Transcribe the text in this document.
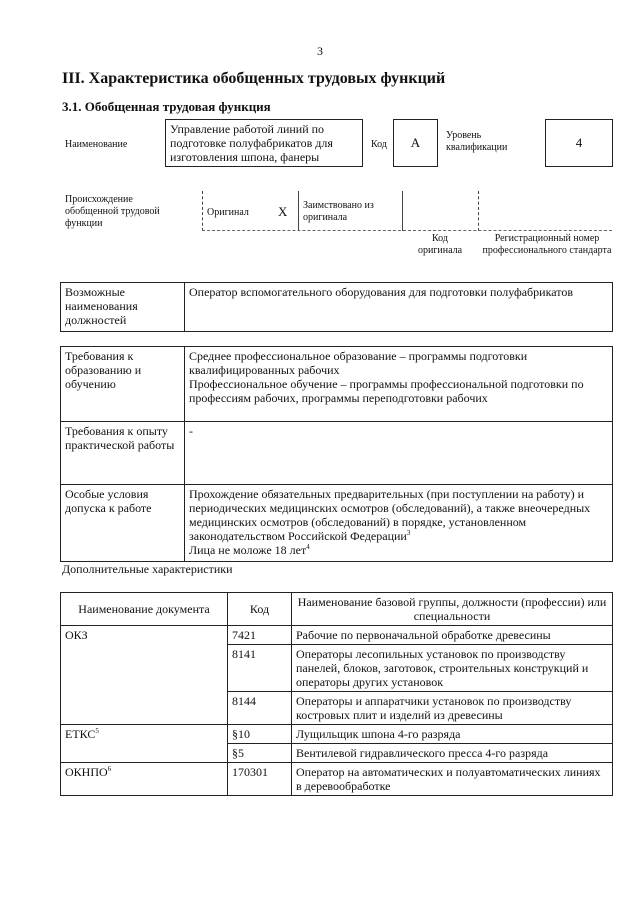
3
III. Характеристика обобщенных трудовых функций
3.1. Обобщенная трудовая функция
Наименование
Управление работой линий по подготовке полуфабрикатов для изготовления шпона, фанеры
Код А	Уровень квалификации	4
Происхождение обобщенной трудовой функции
Оригинал X Заимствовано из оригинала
Код оригинала
Регистрационный номер профессионального стандарта
Возможные наименования должностей	Оператор вспомогательного оборудования для подготовки полуфабрикатов
Требования к образованию и обучению	Среднее профессиональное образование – программы подготовки квалифицированных рабочих
Профессиональное обучение – программы профессиональной подготовки по профессиям рабочих, программы переподготовки рабочих

Требования к опыту практической работы	-
Особые условия допуска к работе	Прохождение обязательных предварительных (при поступлении на работу) и периодических медицинских осмотров (обследований), а также внеочередных медицинских осмотров (обследований) в порядке, установленном законодательством Российской Федерации$^3$
Лица не моложе 18 лет$^4$
Дополнительные характеристики
Наименование документа	Код	Наименование базовой группы, должности (профессии) или специальности
ОКЗ	7421	Рабочие по первоначальной обработке древесины
	8141	Операторы лесопильных установок по производству панелей, блоков, заготовок, строительных конструкций и операторы других установок
	8144	Операторы и аппаратчики установок по производству костровых плит и изделий из древесины
ЕТКС$^5$	§10	Лущильщик шпона 4-го разряда
	§5	Вентилевой гидравлического пресса 4-го разряда
ОКНПО$^6$	170301	Оператор на автоматических и полуавтоматических линиях в деревообработке
